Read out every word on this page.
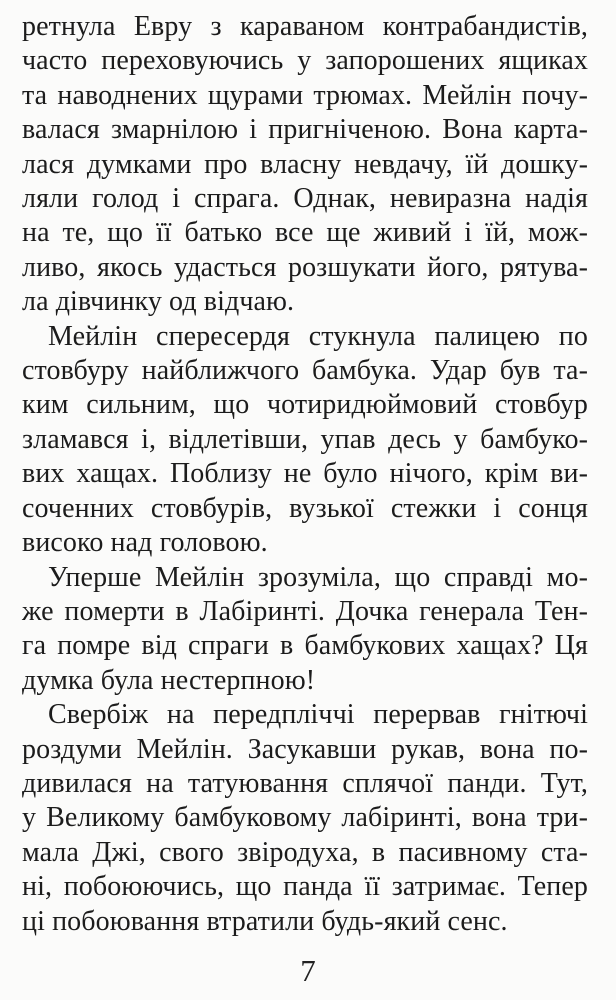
ретнула Евру з караваном контрабандистів,
часто переховуючись у запорошених ящиках
та наводнених щурами трюмах. Мейлін почу-
валася змарнілою і пригніченою. Вона карта-
лася думками про власну невдачу, їй дошку-
ляли голод і спрага. Однак, невиразна надія
на те, що її батько все ще живий і їй, мож-
ливо, якось удасться розшукати його, рятува-
ла дівчинку од відчаю.
Мейлін спересердя стукнула палицею по
стовбуру найближчого бамбука. Удар був та-
ким сильним, що чотиридюймовий стовбур
зламався і, відлетівши, упав десь у бамбуко-
вих хащах. Поблизу не було нічого, крім ви-
соченних стовбурів, вузької стежки і сонця
високо над головою.
Уперше Мейлін зрозуміла, що справді мо-
же померти в Лабіринті. Дочка генерала Тен-
га помре від спраги в бамбукових хащах? Ця
думка була нестерпною!
Свербіж на передпліччі перервав гнітючі
роздуми Мейлін. Засукавши рукав, вона по-
дивилася на татуювання сплячої панди. Тут,
у Великому бамбуковому лабіринті, вона три-
мала Джі, свого звіродуха, в пасивному ста-
ні, побоюючись, що панда її затримає. Тепер
ці побоювання втратили будь-який сенс.
7
